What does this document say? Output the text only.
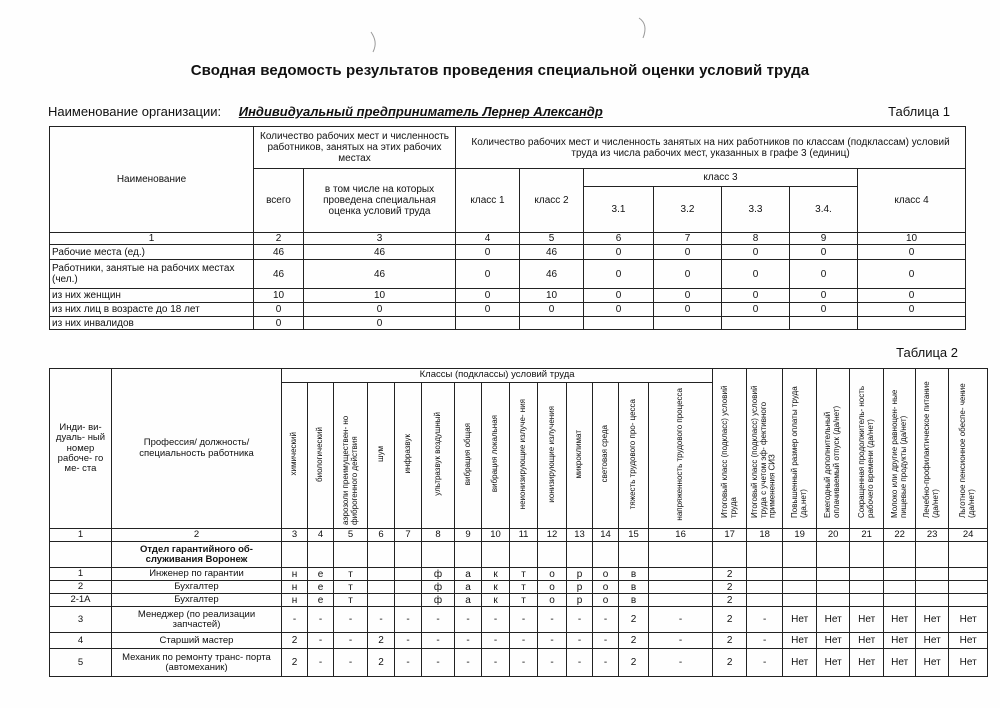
Сводная ведомость результатов проведения специальной оценки условий труда
Наименование организации: Индивидуальный предприниматель Лернер Александр	Таблица 1
Наименование	Количество рабочих мест и численность работников, занятых на этих рабочих местах		Количество рабочих мест и численность занятых на них работников по классам (подклассам) условий труда из числа рабочих мест, указанных в графе 3 (единиц)						
	всего	в том числе на которых проведена специальная оценка условий труда	класс 1	класс 2	класс 3				класс 4
					3.1	3.2	3.3	3.4.	
1	2	3	4	5	6	7	8	9	10
Рабочие места (ед.)	46	46	0	46	0	0	0	0	0
Работники, занятые на рабочих местах (чел.)	46	46	0	46	0	0	0	0	0
из них женщин	10	10	0	10	0	0	0	0	0
из них лиц в возрасте до 18 лет	0	0	0	0	0	0	0	0	0
из них инвалидов	0	0							
Таблица 2
Инди- ви- дуаль- ный номер рабоче- го ме- ста	Профессия/ должность/ специальность работника	Классы (подклассы) условий труда														Итоговый класс (подкласс) условий труда	Итоговый класс (подкласс) условий труда с учетом эф- фективного применения СИЗ	Повышенный размер оплаты труда (да,нет)	Ежегодный дополнительный оплачиваемый отпуск (да/нет)	Сокращенная продолжитель- ность рабочего времени (да/нет)	Молоко или другие равноцен- ные пищевые продукты (да/нет)	Лечебно-профилактическое питание (да/нет)	Льготное пенсионное обеспе- чение (да/нет)
		химический	биологический	аэрозоли преимуществен- но фиброгенного действия	шум	инфразвук	ультразвук воздушный	вибрация общая	вибрация локальная	неионизирующие излуче- ния	ионизирующие излучения	микроклимат	световая среда	тяжесть трудового про- цесса	напряженность трудового процесса								
1	2	3	4	5	6	7	8	9	10	11	12	13	14	15	16	17	18	19	20	21	22	23	24
	Отдел гарантийного об- служивания Воронеж																						
1	Инженер по гарантии	н	е	т			ф	а	к	т	о	р	о	в		2							
2	Бухгалтер	н	е	т			ф	а	к	т	о	р	о	в		2							
2-1А	Бухгалтер	н	е	т			ф	а	к	т	о	р	о	в		2							
3	Менеджер (по реализации запчастей)	-	-	-	-	-	-	-	-	-	-	-	-	2	-	2	-	Нет	Нет	Нет	Нет	Нет	Нет
4	Старший мастер	2	-	-	2	-	-	-	-	-	-	-	-	2	-	2	-	Нет	Нет	Нет	Нет	Нет	Нет
5	Механик по ремонту транс- порта (автомеханик)	2	-	-	2	-	-	-	-	-	-	-	-	2	-	2	-	Нет	Нет	Нет	Нет	Нет	Нет
